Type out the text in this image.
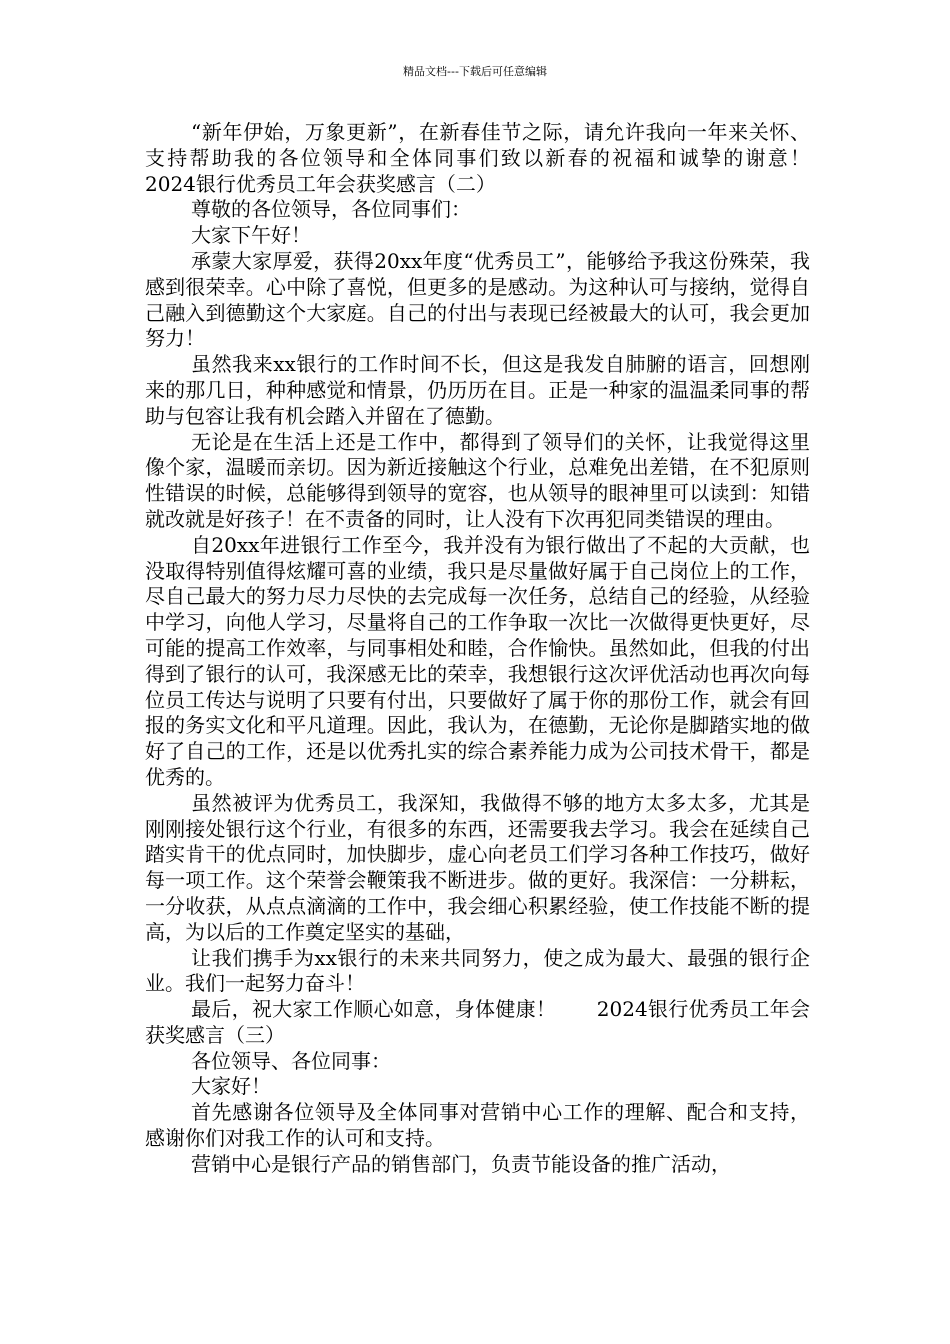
精品文档---下载后可任意编辑

“新年伊始，万象更新”，在新春佳节之际，请允许我向一年来关怀、支持帮助我的各位领导和全体同事们致以新春的祝福和诚挚的谢意！　　2024银行优秀员工年会获奖感言（二）

尊敬的各位领导，各位同事们：

大家下午好！

承蒙大家厚爱，获得20xx年度“优秀员工”，能够给予我这份殊荣，我感到很荣幸。心中除了喜悦，但更多的是感动。为这种认可与接纳，觉得自己融入到德勤这个大家庭。自己的付出与表现已经被最大的认可，我会更加努力！

虽然我来xx银行的工作时间不长，但这是我发自肺腑的语言，回想刚来的那几日，种种感觉和情景，仍历历在目。正是一种家的温温柔同事的帮助与包容让我有机会踏入并留在了德勤。

无论是在生活上还是工作中，都得到了领导们的关怀，让我觉得这里像个家，温暖而亲切。因为新近接触这个行业，总难免出差错，在不犯原则性错误的时候，总能够得到领导的宽容，也从领导的眼神里可以读到：知错就改就是好孩子！在不责备的同时，让人没有下次再犯同类错误的理由。

自20xx年进银行工作至今，我并没有为银行做出了不起的大贡献，也没取得特别值得炫耀可喜的业绩，我只是尽量做好属于自己岗位上的工作，尽自己最大的努力尽力尽快的去完成每一次任务，总结自己的经验，从经验中学习，向他人学习，尽量将自己的工作争取一次比一次做得更快更好，尽可能的提高工作效率，与同事相处和睦，合作愉快。虽然如此，但我的付出得到了银行的认可，我深感无比的荣幸，我想银行这次评优活动也再次向每位员工传达与说明了只要有付出，只要做好了属于你的那份工作，就会有回报的务实文化和平凡道理。因此，我认为，在德勤，无论你是脚踏实地的做好了自己的工作，还是以优秀扎实的综合素养能力成为公司技术骨干，都是优秀的。

虽然被评为优秀员工，我深知，我做得不够的地方太多太多，尤其是刚刚接处银行这个行业，有很多的东西，还需要我去学习。我会在延续自己踏实肯干的优点同时，加快脚步，虚心向老员工们学习各种工作技巧，做好每一项工作。这个荣誉会鞭策我不断进步。做的更好。我深信：一分耕耘，一分收获，从点点滴滴的工作中，我会细心积累经验，使工作技能不断的提高，为以后的工作奠定坚实的基础，

让我们携手为xx银行的未来共同努力，使之成为最大、最强的银行企业。我们一起努力奋斗！

最后，祝大家工作顺心如意，身体健康！　　2024银行优秀员工年会获奖感言（三）

各位领导、各位同事：

大家好！

首先感谢各位领导及全体同事对营销中心工作的理解、配合和支持，感谢你们对我工作的认可和支持。

营销中心是银行产品的销售部门，负责节能设备的推广活动，
